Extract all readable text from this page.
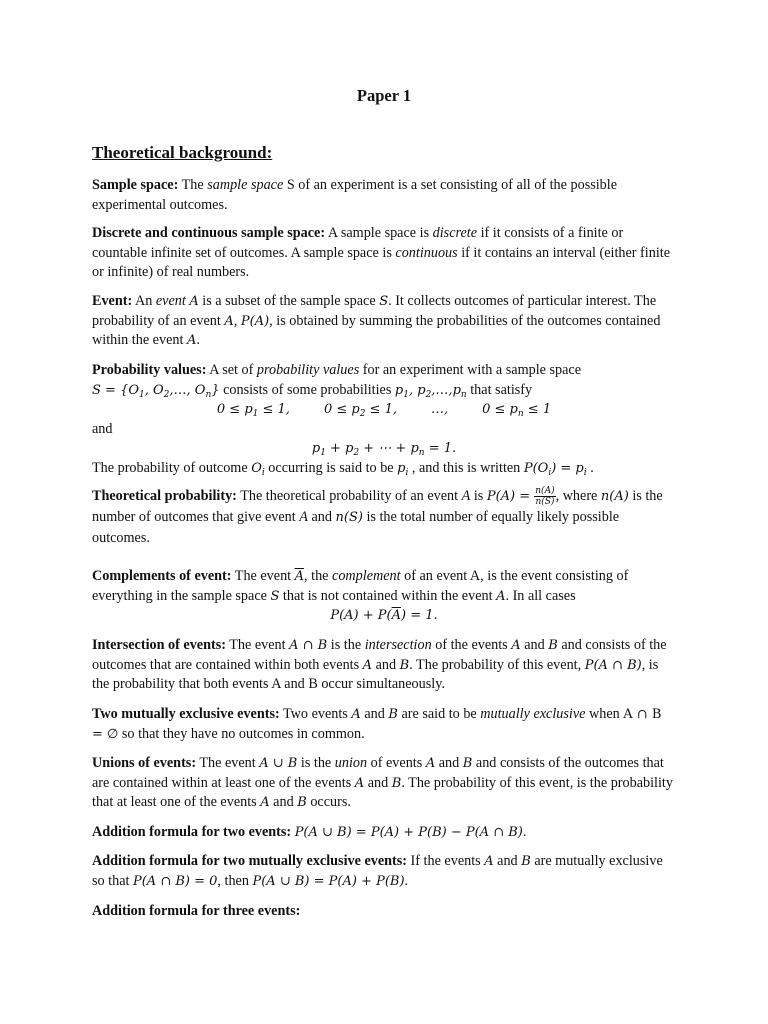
Paper 1
Theoretical background:
Sample space: The sample space S of an experiment is a set consisting of all of the possible experimental outcomes.
Discrete and continuous sample space: A sample space is discrete if it consists of a finite or countable infinite set of outcomes. A sample space is continuous if it contains an interval (either finite or infinite) of real numbers.
Event: An event A is a subset of the sample space S. It collects outcomes of particular interest. The probability of an event A, P(A), is obtained by summing the probabilities of the outcomes contained within the event A.
Probability values: A set of probability values for an experiment with a sample space
$S = \{O_1$, $O_2,\dots$, $O_n$} consists of some probabilities $p_1$, $p_2,\dots,p_n$ that satisfy
$0 \le p_1 \le 1$,	$0 \le p_2 \le 1$,	…,	$0 \le p_n \le 1$
and
$p_1 + p_2$ + ⋯ + $p_n = 1$.
The probability of outcome $O_i$ occurring is said to be $p_i$ , and this is written $P(O_i) = p_i$ .
Theoretical probability: The theoretical probability of an event A is $P(A) = \frac{n(A)}{n(S)}$ , where n(A) is the number of outcomes that give event A and n(S) is the total number of equally likely possible outcomes.
Complements of event: The event $\overline{A}$, the complement of an event A, is the event consisting of everything in the sample space S that is not contained within the event A. In all cases
$P(A) + P(\overline{A}) = 1$.
Intersection of events: The event A ∩ B is the intersection of the events A and B and consists of the outcomes that are contained within both events A and B. The probability of this event, P(A ∩ B), is the probability that both events A and B occur simultaneously.
Two mutually exclusive events: Two events A and B are said to be mutually exclusive when A ∩ B = ∅ so that they have no outcomes in common.
Unions of events: The event A ∪ B is the union of events A and B and consists of the outcomes that are contained within at least one of the events A and B. The probability of this event, is the probability that at least one of the events A and B occurs.
Addition formula for two events: P(A ∪ B) = P(A) + P(B) − P(A ∩ B).
Addition formula for two mutually exclusive events: If the events A and B are mutually exclusive so that P(A ∩ B) = 0, then P(A ∪ B) = P(A) + P(B).
Addition formula for three events:
